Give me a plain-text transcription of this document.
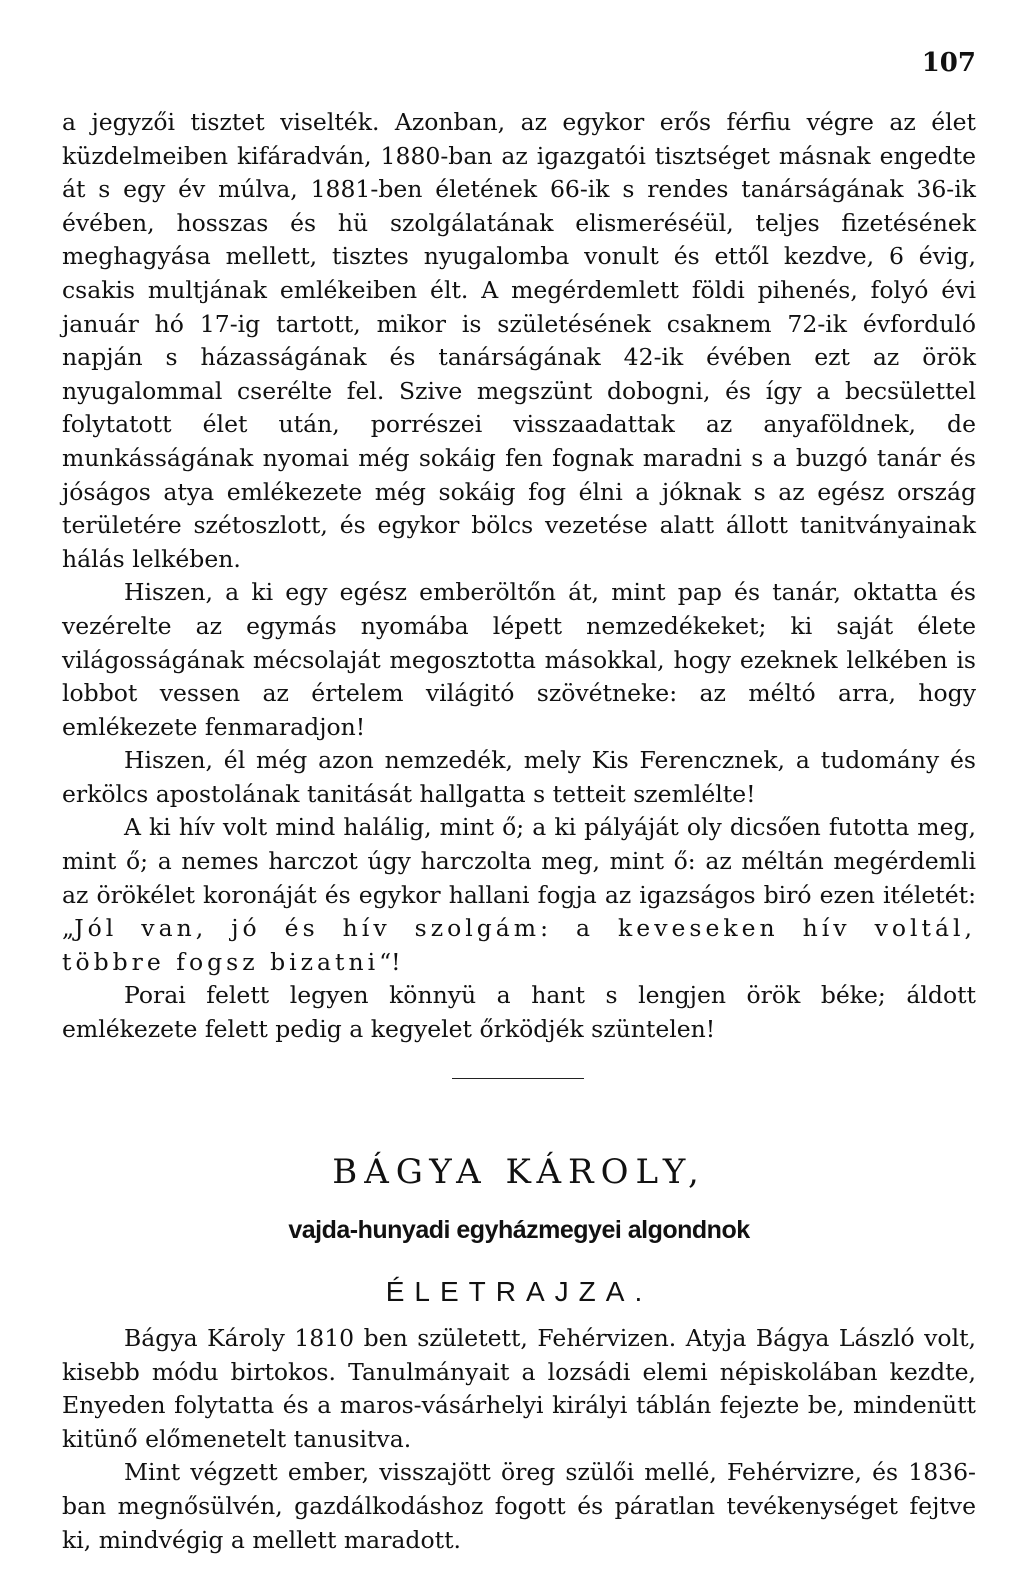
107

a jegyzői tisztet viselték. Azonban, az egykor erős férfiu végre az élet küzdelmeiben kifáradván, 1880-ban az igazgatói tisztséget másnak engedte át s egy év múlva, 1881-ben életének 66-ik s rendes tanárságának 36-ik évében, hosszas és hü szolgálatának elismeréséül, teljes fizetésének meghagyása mellett, tisztes nyugalomba vonult és ettől kezdve, 6 évig, csakis multjának emlékeiben élt. A megérdemlett földi pihenés, folyó évi január hó 17-ig tartott, mikor is születésének csaknem 72-ik évforduló napján s házasságának és tanárságának 42-ik évében ezt az örök nyugalommal cserélte fel. Szive megszünt dobogni, és így a becsülettel folytatott élet után, porrészei visszaadattak az anyaföldnek, de munkásságának nyomai még sokáig fen fognak maradni s a buzgó tanár és jóságos atya emlékezete még sokáig fog élni a jóknak s az egész ország területére szétoszlott, és egykor bölcs vezetése alatt állott tanitványainak hálás lelkében.

Hiszen, a ki egy egész emberöltőn át, mint pap és tanár, oktatta és vezérelte az egymás nyomába lépett nemzedékeket; ki saját élete világosságának mécsolaját megosztotta másokkal, hogy ezeknek lelkében is lobbot vessen az értelem világitó szövétneke: az méltó arra, hogy emlékezete fenmaradjon!

Hiszen, él még azon nemzedék, mely Kis Ferencznek, a tudomány és erkölcs apostolának tanitását hallgatta s tetteit szemlélte!

A ki hív volt mind halálig, mint ő; a ki pályáját oly dicsően futotta meg, mint ő; a nemes harczot úgy harczolta meg, mint ő: az méltán megérdemli az örökélet koronáját és egykor hallani fogja az igazságos biró ezen itéletét: „Jól van, jó és hív szolgám: a keveseken hív voltál, többre fogsz bizatni“!

Porai felett legyen könnyü a hant s lengjen örök béke; áldott emlékezete felett pedig a kegyelet őrködjék szüntelen!

BÁGYA KÁROLY,
vajda-hunyadi egyházmegyei algondnok
ÉLETRAJZA.

Bágya Károly 1810 ben született, Fehérvizen. Atyja Bágya László volt, kisebb módu birtokos. Tanulmányait a lozsádi elemi népiskolában kezdte, Enyeden folytatta és a maros-vásárhelyi királyi táblán fejezte be, mindenütt kitünő előmenetelt tanusitva.

Mint végzett ember, visszajött öreg szülői mellé, Fehérvizre, és 1836-ban megnősülvén, gazdálkodáshoz fogott és páratlan tevékenységet fejtve ki, mindvégig a mellett maradott.
